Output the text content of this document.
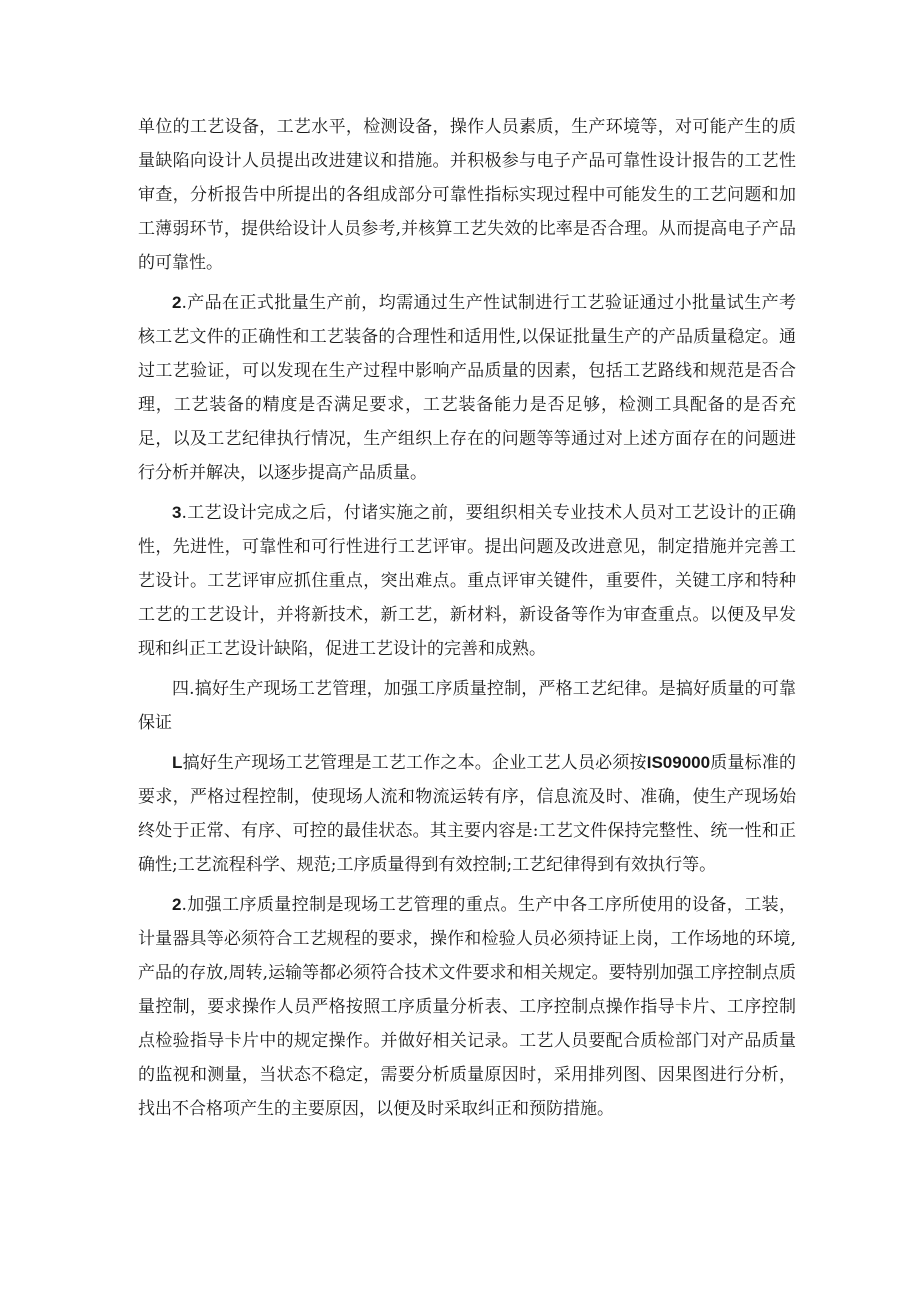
单位的工艺设备，工艺水平，检测设备，操作人员素质，生产环境等，对可能产生的质量缺陷向设计人员提出改进建议和措施。并积极参与电子产品可靠性设计报告的工艺性审查，分析报告中所提出的各组成部分可靠性指标实现过程中可能发生的工艺问题和加工薄弱环节，提供给设计人员参考,并核算工艺失效的比率是否合理。从而提高电子产品的可靠性。

2.产品在正式批量生产前，均需通过生产性试制进行工艺验证通过小批量试生产考核工艺文件的正确性和工艺装备的合理性和适用性,以保证批量生产的产品质量稳定。通过工艺验证，可以发现在生产过程中影响产品质量的因素，包括工艺路线和规范是否合理，工艺装备的精度是否满足要求，工艺装备能力是否足够，检测工具配备的是否充足，以及工艺纪律执行情况，生产组织上存在的问题等等通过对上述方面存在的问题进行分析并解决，以逐步提高产品质量。

3.工艺设计完成之后，付诸实施之前，要组织相关专业技术人员对工艺设计的正确性，先进性，可靠性和可行性进行工艺评审。提出问题及改进意见，制定措施并完善工艺设计。工艺评审应抓住重点，突出难点。重点评审关键件，重要件，关键工序和特种工艺的工艺设计，并将新技术，新工艺，新材料，新设备等作为审查重点。以便及早发现和纠正工艺设计缺陷，促进工艺设计的完善和成熟。

四.搞好生产现场工艺管理，加强工序质量控制，严格工艺纪律。是搞好质量的可靠保证

L搞好生产现场工艺管理是工艺工作之本。企业工艺人员必须按IS09000质量标准的要求，严格过程控制，使现场人流和物流运转有序，信息流及时、准确，使生产现场始终处于正常、有序、可控的最佳状态。其主要内容是:工艺文件保持完整性、统一性和正确性;工艺流程科学、规范;工序质量得到有效控制;工艺纪律得到有效执行等。

2.加强工序质量控制是现场工艺管理的重点。生产中各工序所使用的设备，工装，计量器具等必须符合工艺规程的要求，操作和检验人员必须持证上岗，工作场地的环境,产品的存放,周转,运输等都必须符合技术文件要求和相关规定。要特别加强工序控制点质量控制，要求操作人员严格按照工序质量分析表、工序控制点操作指导卡片、工序控制点检验指导卡片中的规定操作。并做好相关记录。工艺人员要配合质检部门对产品质量的监视和测量，当状态不稳定，需要分析质量原因时，采用排列图、因果图进行分析，找出不合格项产生的主要原因，以便及时采取纠正和预防措施。
